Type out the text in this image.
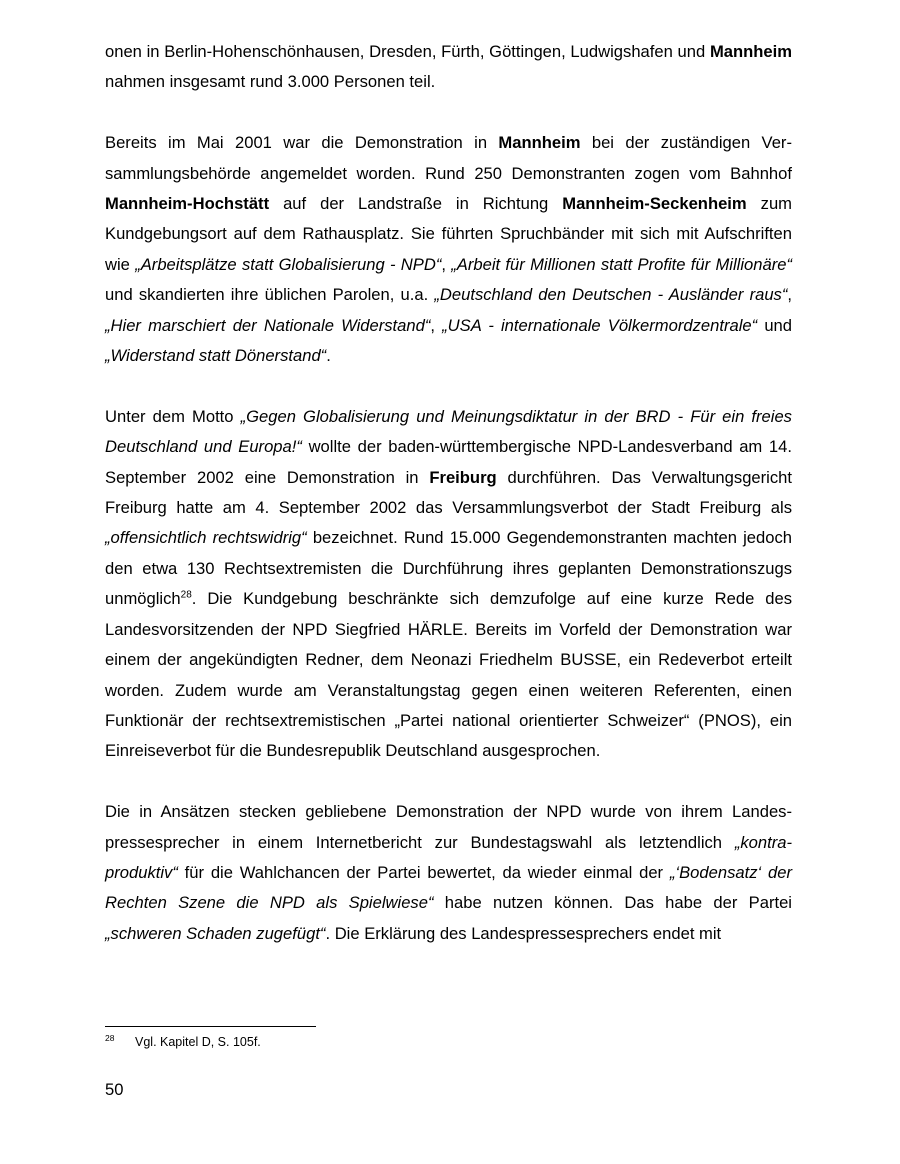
onen in Berlin-Hohenschönhausen, Dresden, Fürth, Göttingen, Ludwigshafen und Mannheim nahmen insgesamt rund 3.000 Personen teil.

Bereits im Mai 2001 war die Demonstration in Mannheim bei der zuständigen Versammlungsbehörde angemeldet worden. Rund 250 Demonstranten zogen vom Bahnhof Mannheim-Hochstätt auf der Landstraße in Richtung Mannheim-Seckenheim zum Kundgebungsort auf dem Rathausplatz. Sie führten Spruchbänder mit sich mit Aufschriften wie „Arbeitsplätze statt Globalisierung - NPD“, „Arbeit für Millionen statt Profite für Millionäre“ und skandierten ihre üblichen Parolen, u.a. „Deutschland den Deutschen - Ausländer raus“, „Hier marschiert der Nationale Widerstand“, „USA - internationale Völkermordzentrale“ und „Widerstand statt Dönerstand“.

Unter dem Motto „Gegen Globalisierung und Meinungsdiktatur in der BRD - Für ein freies Deutschland und Europa!“ wollte der baden-württembergische NPD-Landesverband am 14. September 2002 eine Demonstration in Freiburg durchführen. Das Verwaltungsgericht Freiburg hatte am 4. September 2002 das Versammlungsverbot der Stadt Freiburg als „offensichtlich rechtswidrig“ bezeichnet. Rund 15.000 Gegendemonstranten machten jedoch den etwa 130 Rechtsextremisten die Durchführung ihres geplanten Demonstrationszugs unmöglich$^{28}$. Die Kundgebung beschränkte sich demzufolge auf eine kurze Rede des Landesvorsitzenden der NPD Siegfried HÄRLE. Bereits im Vorfeld der Demonstration war einem der angekündigten Redner, dem Neonazi Friedhelm BUSSE, ein Redeverbot erteilt worden. Zudem wurde am Veranstaltungstag gegen einen weiteren Referenten, einen Funktionär der rechtsextremistischen „Partei national orientierter Schweizer“ (PNOS), ein Einreiseverbot für die Bundesrepublik Deutschland ausgesprochen.

Die in Ansätzen stecken gebliebene Demonstration der NPD wurde von ihrem Landespressesprecher in einem Internetbericht zur Bundestagswahl als letztendlich „kontraproduktiv“ für die Wahlchancen der Partei bewertet, da wieder einmal der „‘Bodensatz‘ der Rechten Szene die NPD als Spielwiese“ habe nutzen können. Das habe der Partei „schweren Schaden zugefügt“. Die Erklärung des Landespressesprechers endet mit

28 Vgl. Kapitel D, S. 105f.
50
